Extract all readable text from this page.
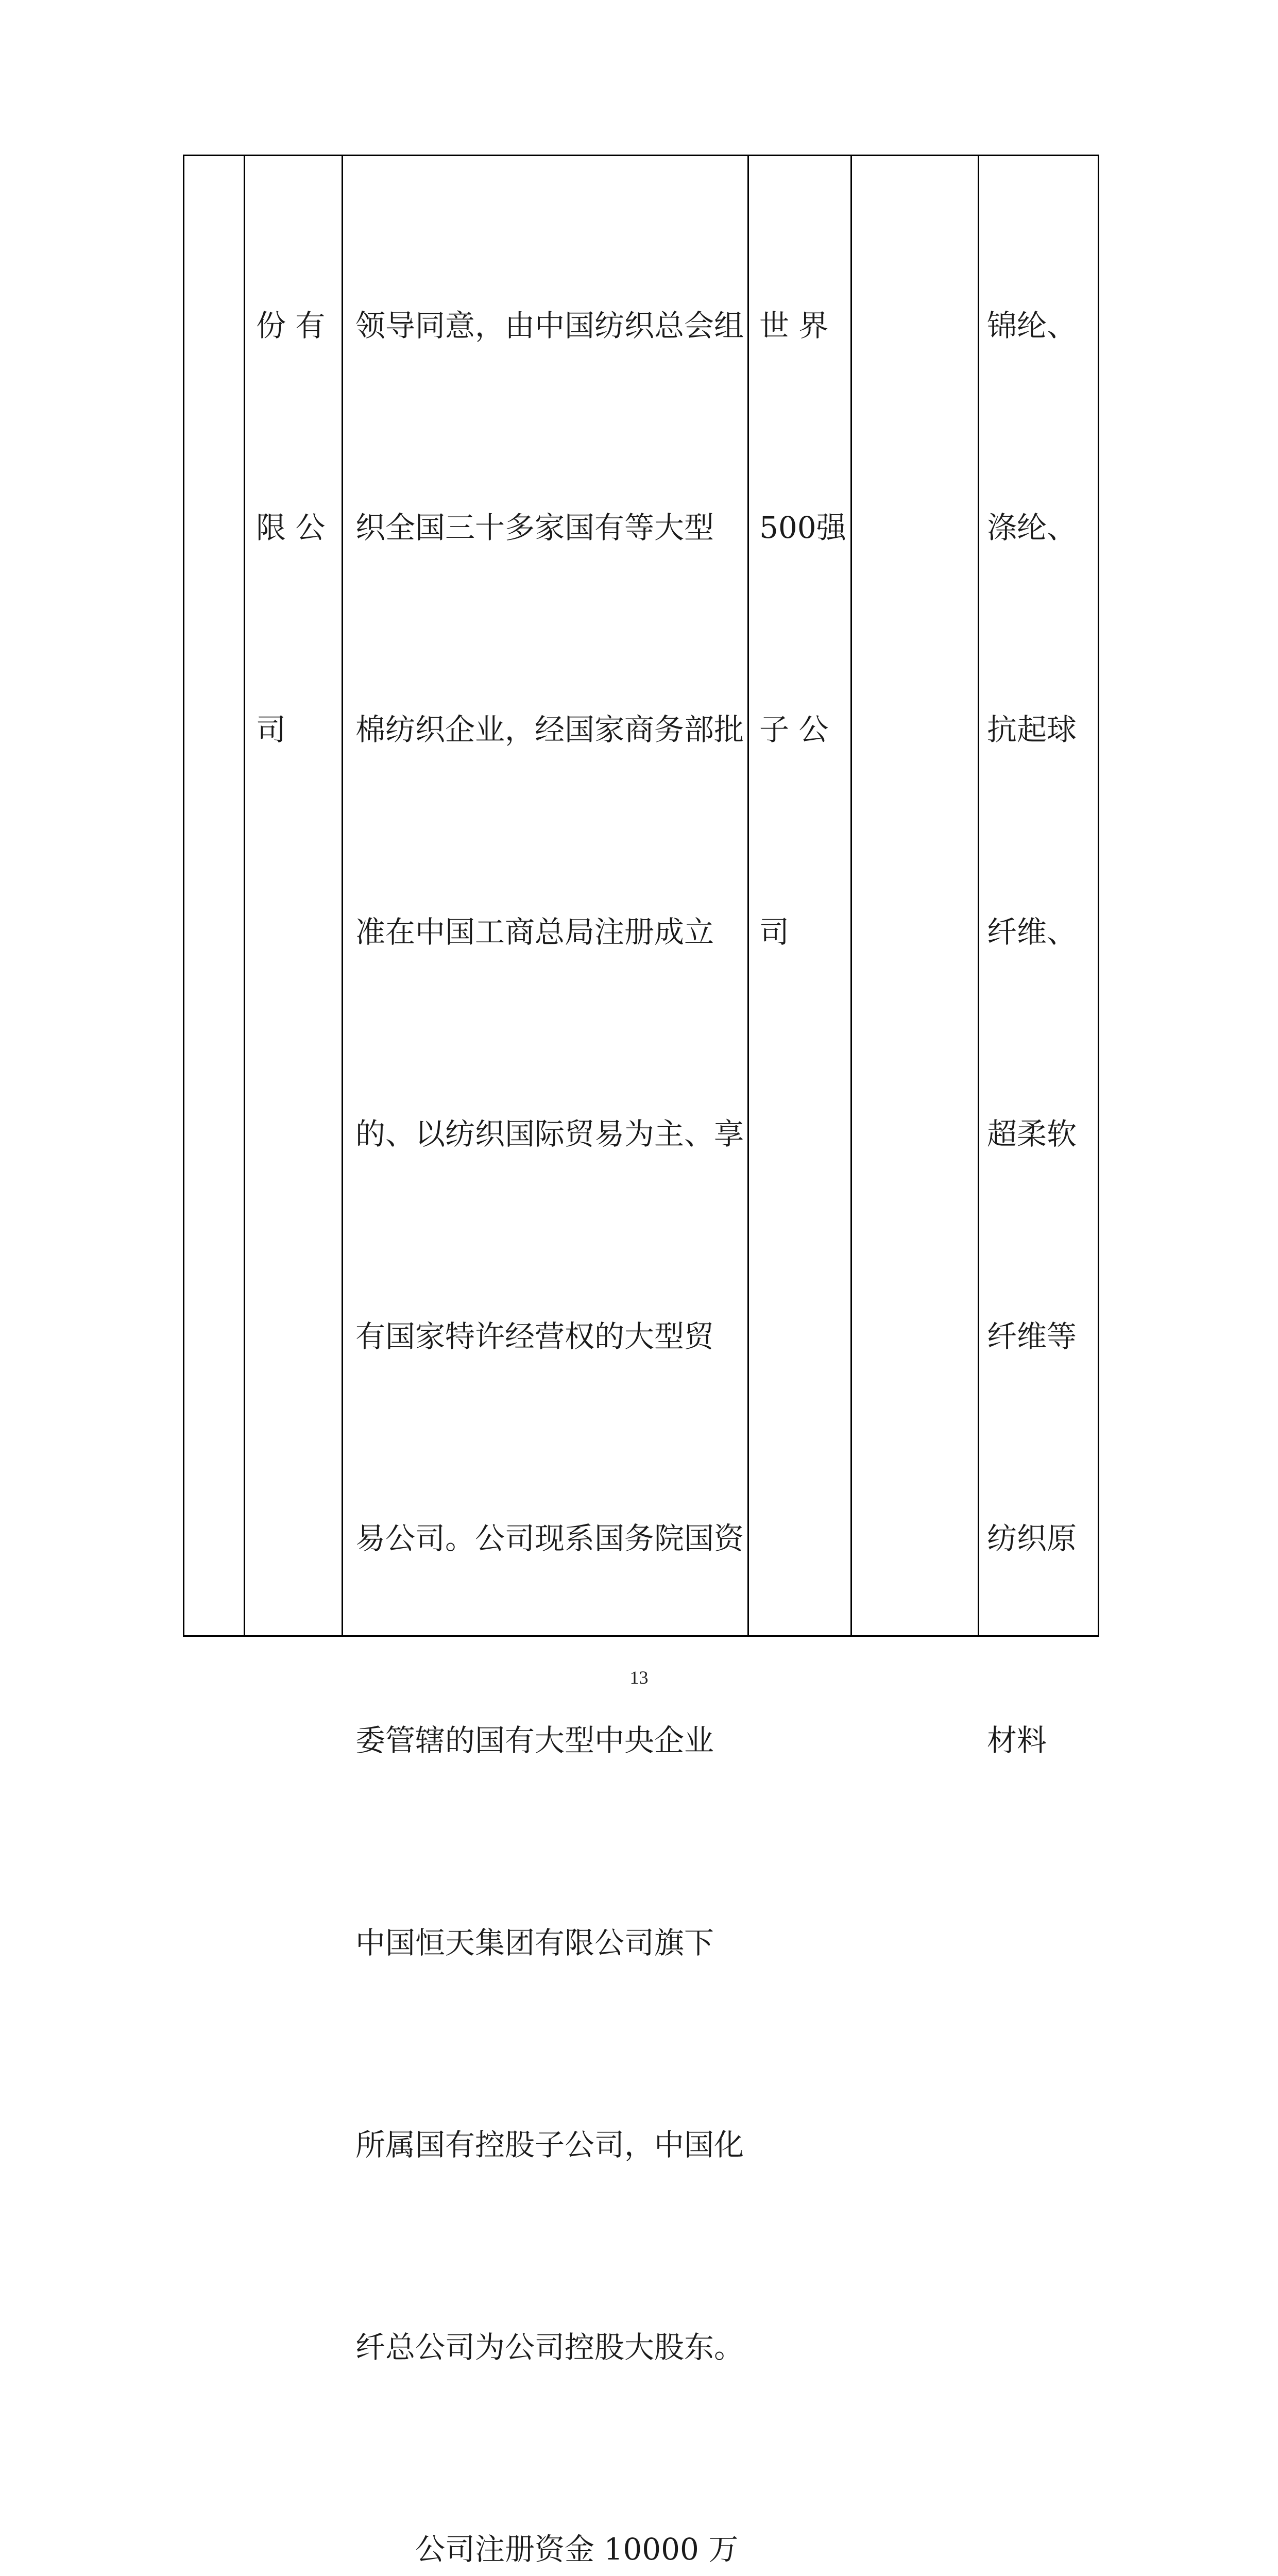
份 有

限 公

司

领导同意，由中国纺织总会组

织全国三十多家国有等大型

棉纺织企业，经国家商务部批

准在中国工商总局注册成立

的、以纺织国际贸易为主、享

有国家特许经营权的大型贸

易公司。公司现系国务院国资

委管辖的国有大型中央企业

中国恒天集团有限公司旗下

所属国有控股子公司，中国化

纤总公司为公司控股大股东。

公司注册资金 10000 万

世 界

500强

子 公

司

锦纶、

涤纶、

抗起球

纤维、

超柔软

纤维等

纺织原

材料

13
